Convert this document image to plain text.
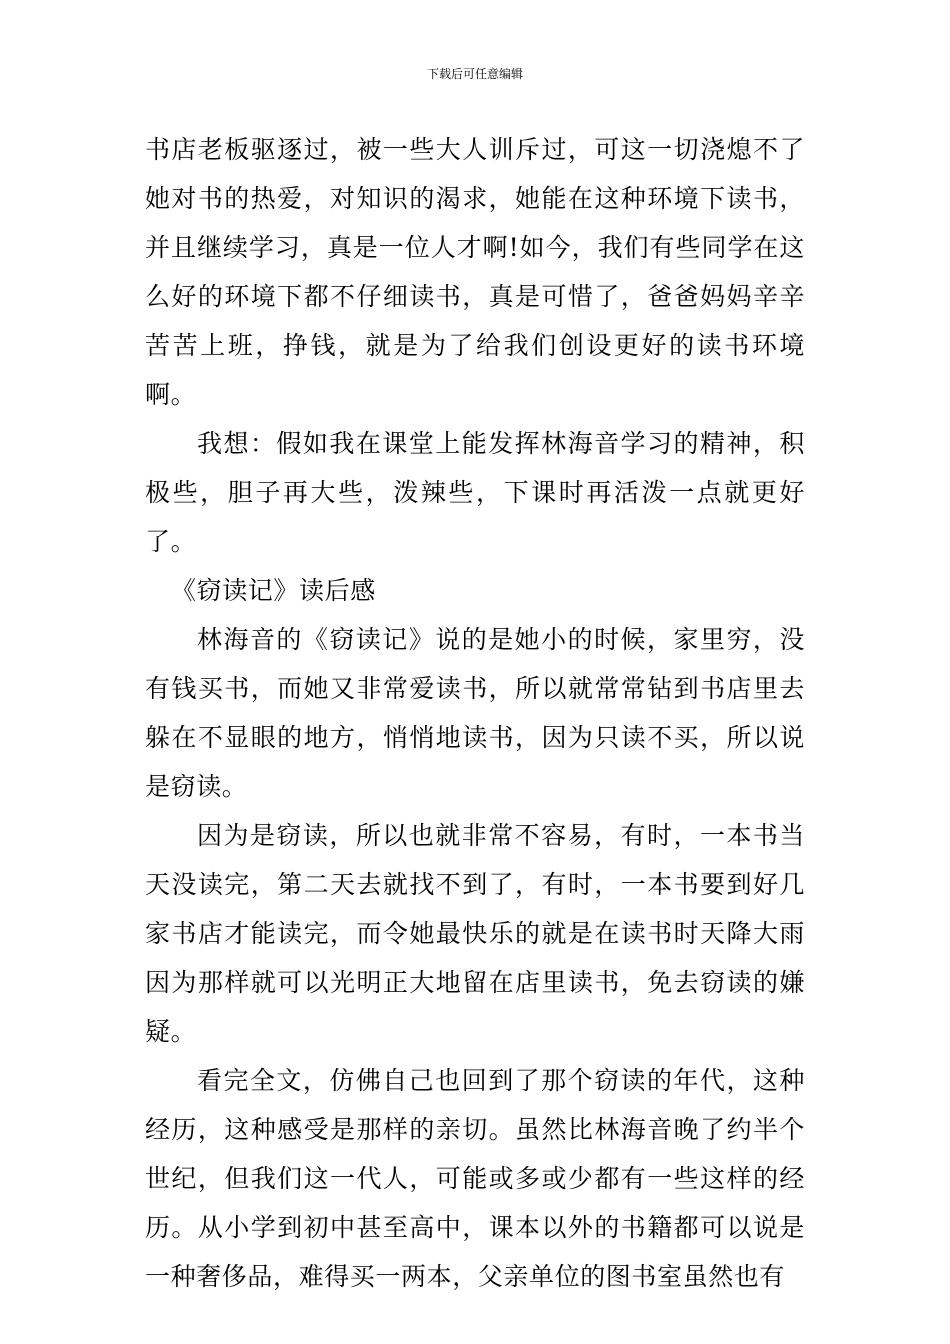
下载后可任意编辑

书店老板驱逐过，被一些大人训斥过，可这一切浇熄不了她对书的热爱，对知识的渴求，她能在这种环境下读书，并且继续学习，真是一位人才啊!如今，我们有些同学在这么好的环境下都不仔细读书，真是可惜了，爸爸妈妈辛辛苦苦上班，挣钱，就是为了给我们创设更好的读书环境啊。

我想：假如我在课堂上能发挥林海音学习的精神，积极些，胆子再大些，泼辣些，下课时再活泼一点就更好了。

《窃读记》读后感

林海音的《窃读记》说的是她小的时候，家里穷，没有钱买书，而她又非常爱读书，所以就常常钻到书店里去躲在不显眼的地方，悄悄地读书，因为只读不买，所以说是窃读。

因为是窃读，所以也就非常不容易，有时，一本书当天没读完，第二天去就找不到了，有时，一本书要到好几家书店才能读完，而令她最快乐的就是在读书时天降大雨因为那样就可以光明正大地留在店里读书，免去窃读的嫌疑。

看完全文，仿佛自己也回到了那个窃读的年代，这种经历，这种感受是那样的亲切。虽然比林海音晚了约半个世纪，但我们这一代人，可能或多或少都有一些这样的经历。从小学到初中甚至高中，课本以外的书籍都可以说是一种奢侈品，难得买一两本，父亲单位的图书室虽然也有
